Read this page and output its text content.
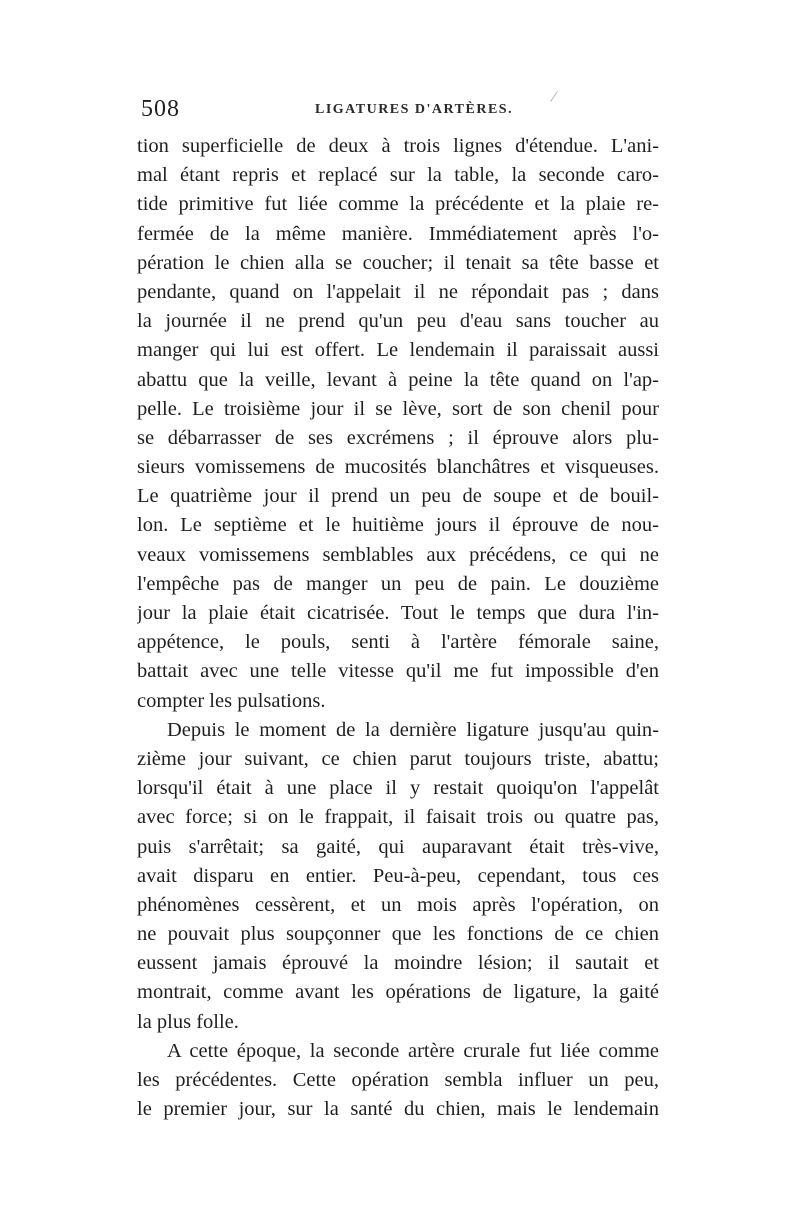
508	LIGATURES D'ARTÈRES.
tion superficielle de deux à trois lignes d'étendue. L'ani-
mal étant repris et replacé sur la table, la seconde caro-
tide primitive fut liée comme la précédente et la plaie re-
fermée de la même manière. Immédiatement après l'o-
pération le chien alla se coucher; il tenait sa tête basse et
pendante, quand on l'appelait il ne répondait pas ; dans
la journée il ne prend qu'un peu d'eau sans toucher au
manger qui lui est offert. Le lendemain il paraissait aussi
abattu que la veille, levant à peine la tête quand on l'ap-
pelle. Le troisième jour il se lève, sort de son chenil pour
se débarrasser de ses excrémens ; il éprouve alors plu-
sieurs vomissemens de mucosités blanchâtres et visqueuses.
Le quatrième jour il prend un peu de soupe et de bouil-
lon. Le septième et le huitième jours il éprouve de nou-
veaux vomissemens semblables aux précédens, ce qui ne
l'empêche pas de manger un peu de pain. Le douzième
jour la plaie était cicatrisée. Tout le temps que dura l'in-
appétence, le pouls, senti à l'artère fémorale saine,
battait avec une telle vitesse qu'il me fut impossible d'en
compter les pulsations.
Depuis le moment de la dernière ligature jusqu'au quin-
zième jour suivant, ce chien parut toujours triste, abattu;
lorsqu'il était à une place il y restait quoiqu'on l'appelât
avec force; si on le frappait, il faisait trois ou quatre pas,
puis s'arrêtait; sa gaité, qui auparavant était très-vive,
avait disparu en entier. Peu-à-peu, cependant, tous ces
phénomènes cessèrent, et un mois après l'opération, on
ne pouvait plus soupçonner que les fonctions de ce chien
eussent jamais éprouvé la moindre lésion; il sautait et
montrait, comme avant les opérations de ligature, la gaité
la plus folle.
A cette époque, la seconde artère crurale fut liée comme
les précédentes. Cette opération sembla influer un peu,
le premier jour, sur la santé du chien, mais le lendemain
